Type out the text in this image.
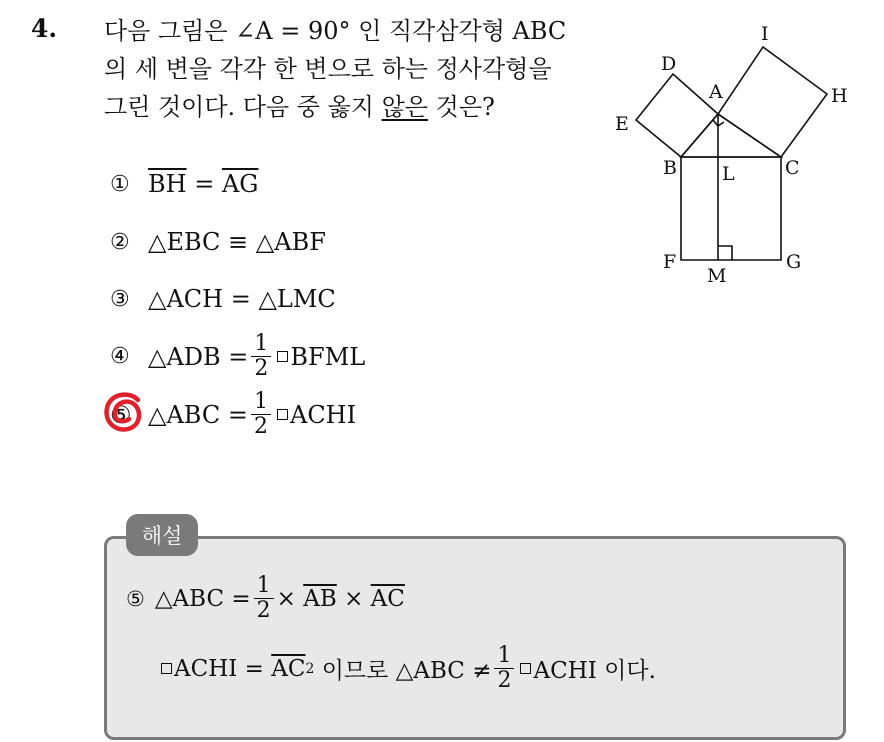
4. 다음 그림은 ∠A = 90° 인 직각삼각형 ABC
의 세 변을 각각 한 변으로 하는 정사각형을
그린 것이다. 다음 중 옳지 않은 것은?
I
D
A	H
E
B L	C
F
M
G
① $\overline{BH}$
=
$\overline{AG}$
② △EBC ≡ △ABF
③ △ACH = △LMC
④ △ADB = $\frac{1}{2}$ BFML
⑤ △ABC = $\frac{1}{2}$ ACHI
해설
⑤ △ABC = $\frac{1}{2}$ ×
$\overline{AB}$
×
$\overline{AC}$
ACHI =
$\overline{AC}$ 2
이므로 △ABC ≠ $\frac{1}{2}$ ACHI 이다.
